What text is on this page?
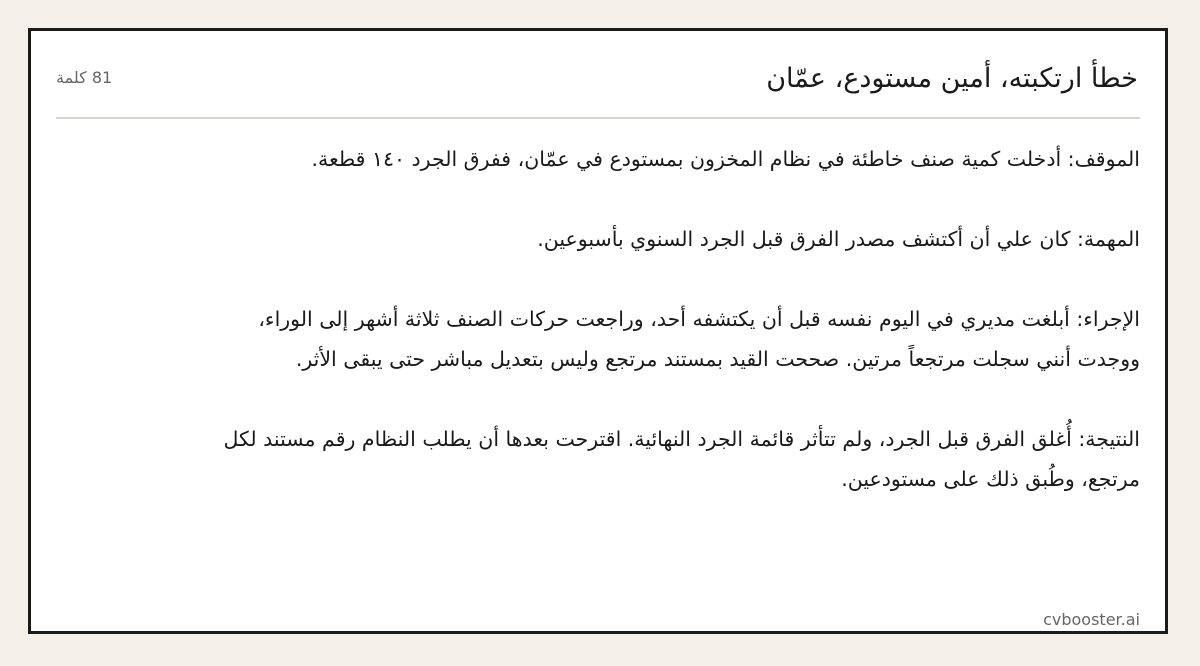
خطأ ارتكبته، أمين مستودع، عمّان
81 كلمة

الموقف: أدخلت كمية صنف خاطئة في نظام المخزون بمستودع في عمّان، ففرق الجرد ١٤٠ قطعة.

المهمة: كان علي أن أكتشف مصدر الفرق قبل الجرد السنوي بأسبوعين.

الإجراء: أبلغت مديري في اليوم نفسه قبل أن يكتشفه أحد، وراجعت حركات الصنف ثلاثة أشهر إلى الوراء، ووجدت أنني سجلت مرتجعاً مرتين. صححت القيد بمستند مرتجع وليس بتعديل مباشر حتى يبقى الأثر.

النتيجة: أُغلق الفرق قبل الجرد، ولم تتأثر قائمة الجرد النهائية. اقترحت بعدها أن يطلب النظام رقم مستند لكل مرتجع، وطُبق ذلك على مستودعين.

cvbooster.ai
